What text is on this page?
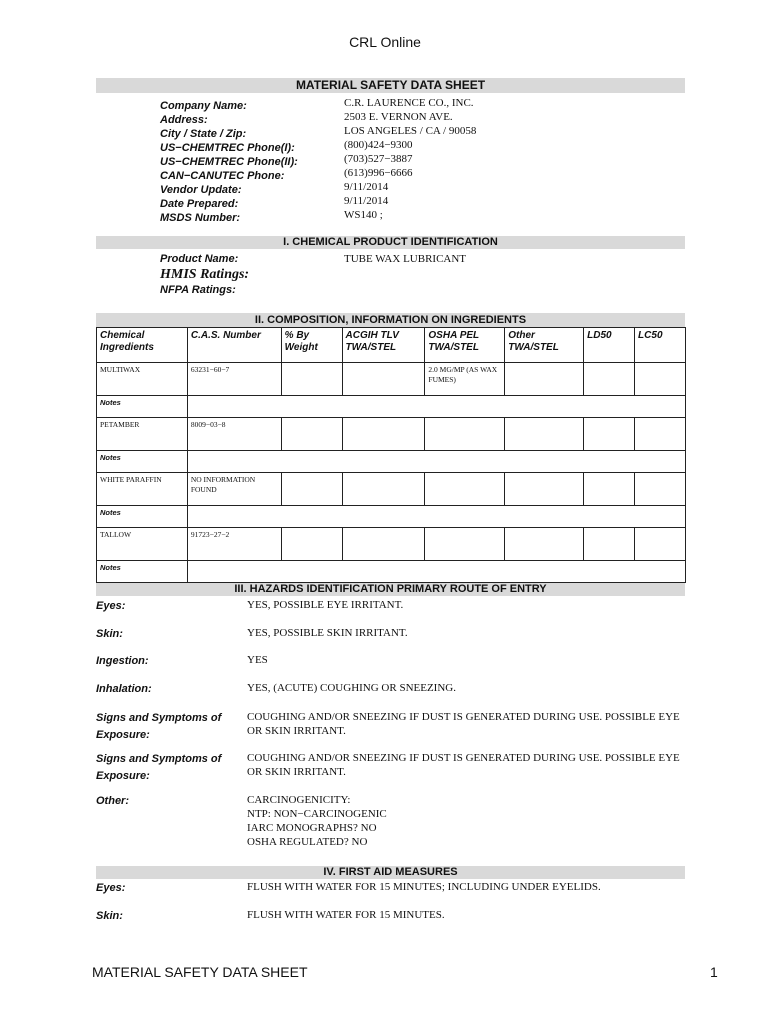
CRL Online
MATERIAL SAFETY DATA SHEET
Company Name:	C.R. LAURENCE CO., INC.
Address:	2503 E. VERNON AVE.
City / State / Zip:	LOS ANGELES / CA / 90058
US−CHEMTREC Phone(I):	(800)424−9300
US−CHEMTREC Phone(II):	(703)527−3887
CAN−CANUTEC Phone:	(613)996−6666
Vendor Update:	9/11/2014
Date Prepared:	9/11/2014
MSDS Number:	WS140 ;
I. CHEMICAL PRODUCT IDENTIFICATION
Product Name:	TUBE WAX LUBRICANT
HMIS Ratings:
NFPA Ratings:
II. COMPOSITION, INFORMATION ON INGREDIENTS
Chemical Ingredients	C.A.S. Number	% By Weight	ACGIH TLV TWA/STEL	OSHA PEL TWA/STEL	Other TWA/STEL	LD50	LC50
MULTIWAX	63231−60−7			2.0 MG/MP (AS WAX FUMES)			
Notes							
PETAMBER	8009−03−8						
Notes							
WHITE PARAFFIN	NO INFORMATION FOUND						
Notes							
TALLOW	91723−27−2						
Notes							
III. HAZARDS IDENTIFICATION PRIMARY ROUTE OF ENTRY
Eyes:	YES, POSSIBLE EYE IRRITANT.
Skin:	YES, POSSIBLE SKIN IRRITANT.
Ingestion:	YES
Inhalation:	YES, (ACUTE) COUGHING OR SNEEZING.
Signs and Symptoms of Exposure:
COUGHING AND/OR SNEEZING IF DUST IS GENERATED DURING USE. POSSIBLE EYE OR SKIN IRRITANT.
Signs and Symptoms of Exposure:
COUGHING AND/OR SNEEZING IF DUST IS GENERATED DURING USE. POSSIBLE EYE OR SKIN IRRITANT.
Other:	CARCINOGENICITY:
NTP: NON−CARCINOGENIC
IARC MONOGRAPHS? NO
OSHA REGULATED? NO
IV. FIRST AID MEASURES
Eyes:	FLUSH WITH WATER FOR 15 MINUTES; INCLUDING UNDER EYELIDS.
Skin:	FLUSH WITH WATER FOR 15 MINUTES.
MATERIAL SAFETY DATA SHEET	1
